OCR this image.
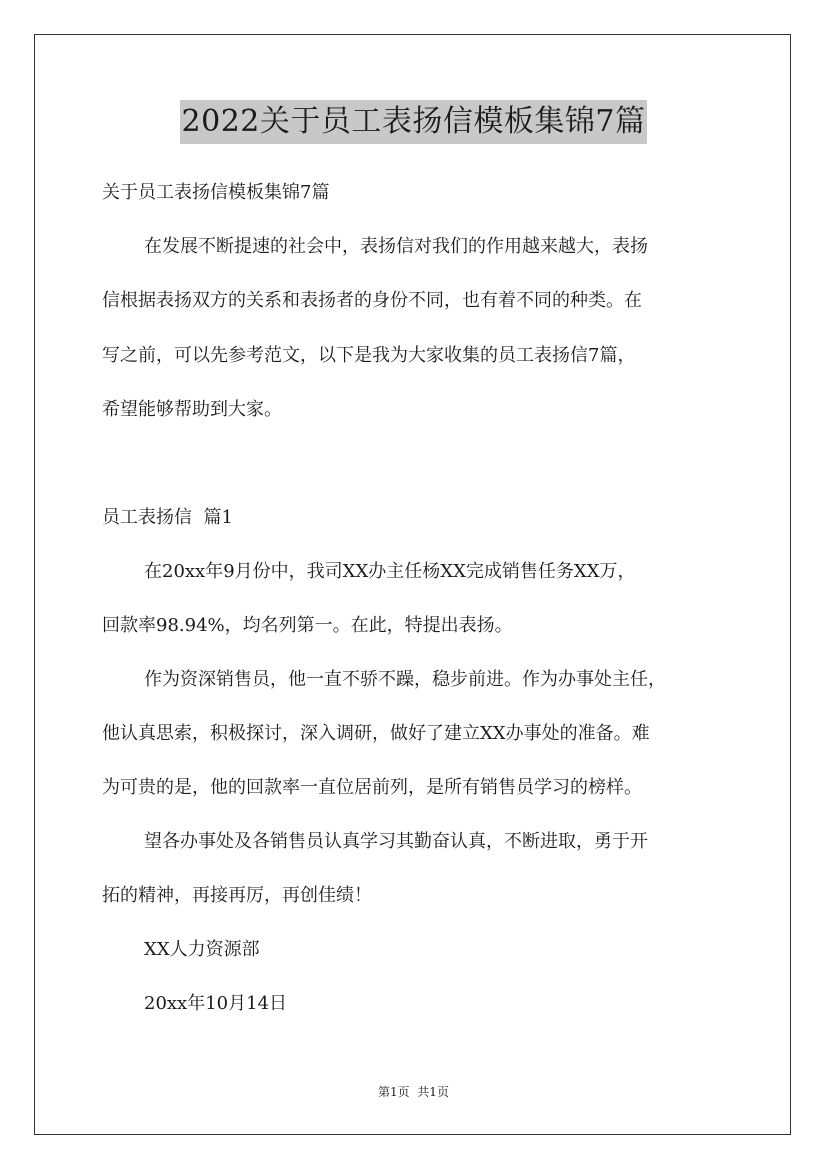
2022关于员工表扬信模板集锦7篇

关于员工表扬信模板集锦7篇

在发展不断提速的社会中，表扬信对我们的作用越来越大，表扬

信根据表扬双方的关系和表扬者的身份不同，也有着不同的种类。在

写之前，可以先参考范文，以下是我为大家收集的员工表扬信7篇，

希望能够帮助到大家。

员工表扬信  篇1

在20xx年9月份中，我司XX办主任杨XX完成销售任务XX万，

回款率98.94%，均名列第一。在此，特提出表扬。

作为资深销售员，他一直不骄不躁，稳步前进。作为办事处主任，

他认真思索，积极探讨，深入调研，做好了建立XX办事处的准备。难

为可贵的是，他的回款率一直位居前列，是所有销售员学习的榜样。

望各办事处及各销售员认真学习其勤奋认真，不断进取，勇于开

拓的精神，再接再厉，再创佳绩！

XX人力资源部

20xx年10月14日

第1页  共1页
